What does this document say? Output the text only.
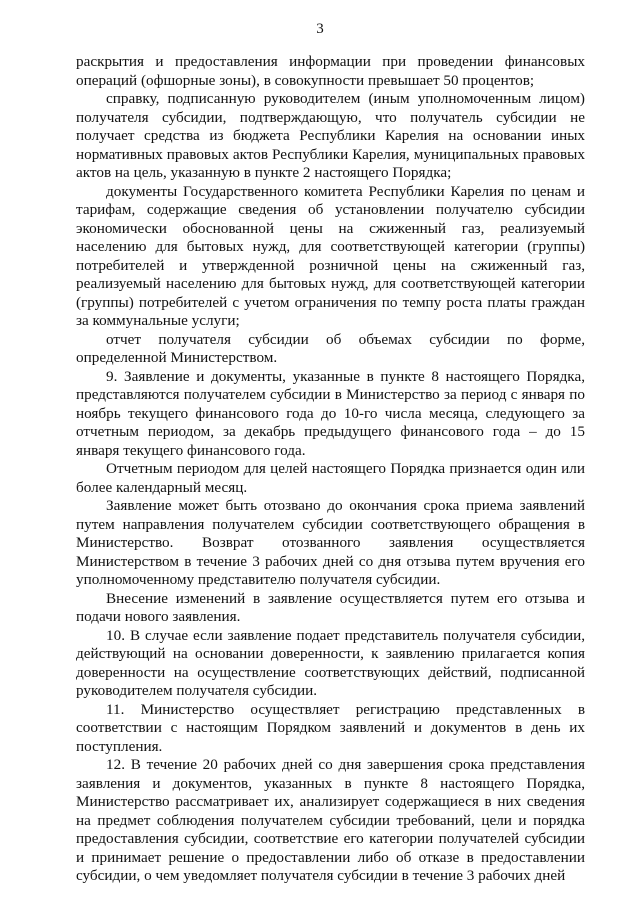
3

раскрытия и предоставления информации при проведении финансовых операций (офшорные зоны), в совокупности превышает 50 процентов;

справку, подписанную руководителем (иным уполномоченным лицом) получателя субсидии, подтверждающую, что получатель субсидии не получает средства из бюджета Республики Карелия на основании иных нормативных правовых актов Республики Карелия, муниципальных правовых актов на цель, указанную в пункте 2 настоящего Порядка;

документы Государственного комитета Республики Карелия по ценам и тарифам, содержащие сведения об установлении получателю субсидии экономически обоснованной цены на сжиженный газ, реализуемый населению для бытовых нужд, для соответствующей категории (группы) потребителей и утвержденной розничной цены на сжиженный газ, реализуемый населению для бытовых нужд, для соответствующей категории (группы) потребителей с учетом ограничения по темпу роста платы граждан за коммунальные услуги;

отчет получателя субсидии об объемах субсидии по форме, определенной Министерством.

9. Заявление и документы, указанные в пункте 8 настоящего Порядка, представляются получателем субсидии в Министерство за период с января по ноябрь текущего финансового года до 10-го числа месяца, следующего за отчетным периодом, за декабрь предыдущего финансового года – до 15 января текущего финансового года.

Отчетным периодом для целей настоящего Порядка признается один или более календарный месяц.

Заявление может быть отозвано до окончания срока приема заявлений путем направления получателем субсидии соответствующего обращения в Министерство. Возврат отозванного заявления осуществляется Министерством в течение 3 рабочих дней со дня отзыва путем вручения его уполномоченному представителю получателя субсидии.

Внесение изменений в заявление осуществляется путем его отзыва и подачи нового заявления.

10. В случае если заявление подает представитель получателя субсидии, действующий на основании доверенности, к заявлению прилагается копия доверенности на осуществление соответствующих действий, подписанной руководителем получателя субсидии.

11. Министерство осуществляет регистрацию представленных в соответствии с настоящим Порядком заявлений и документов в день их поступления.

12. В течение 20 рабочих дней со дня завершения срока представления заявления и документов, указанных в пункте 8 настоящего Порядка, Министерство рассматривает их, анализирует содержащиеся в них сведения на предмет соблюдения получателем субсидии требований, цели и порядка предоставления субсидии, соответствие его категории получателей субсидии и принимает решение о предоставлении либо об отказе в предоставлении субсидии, о чем уведомляет получателя субсидии в течение 3 рабочих дней
